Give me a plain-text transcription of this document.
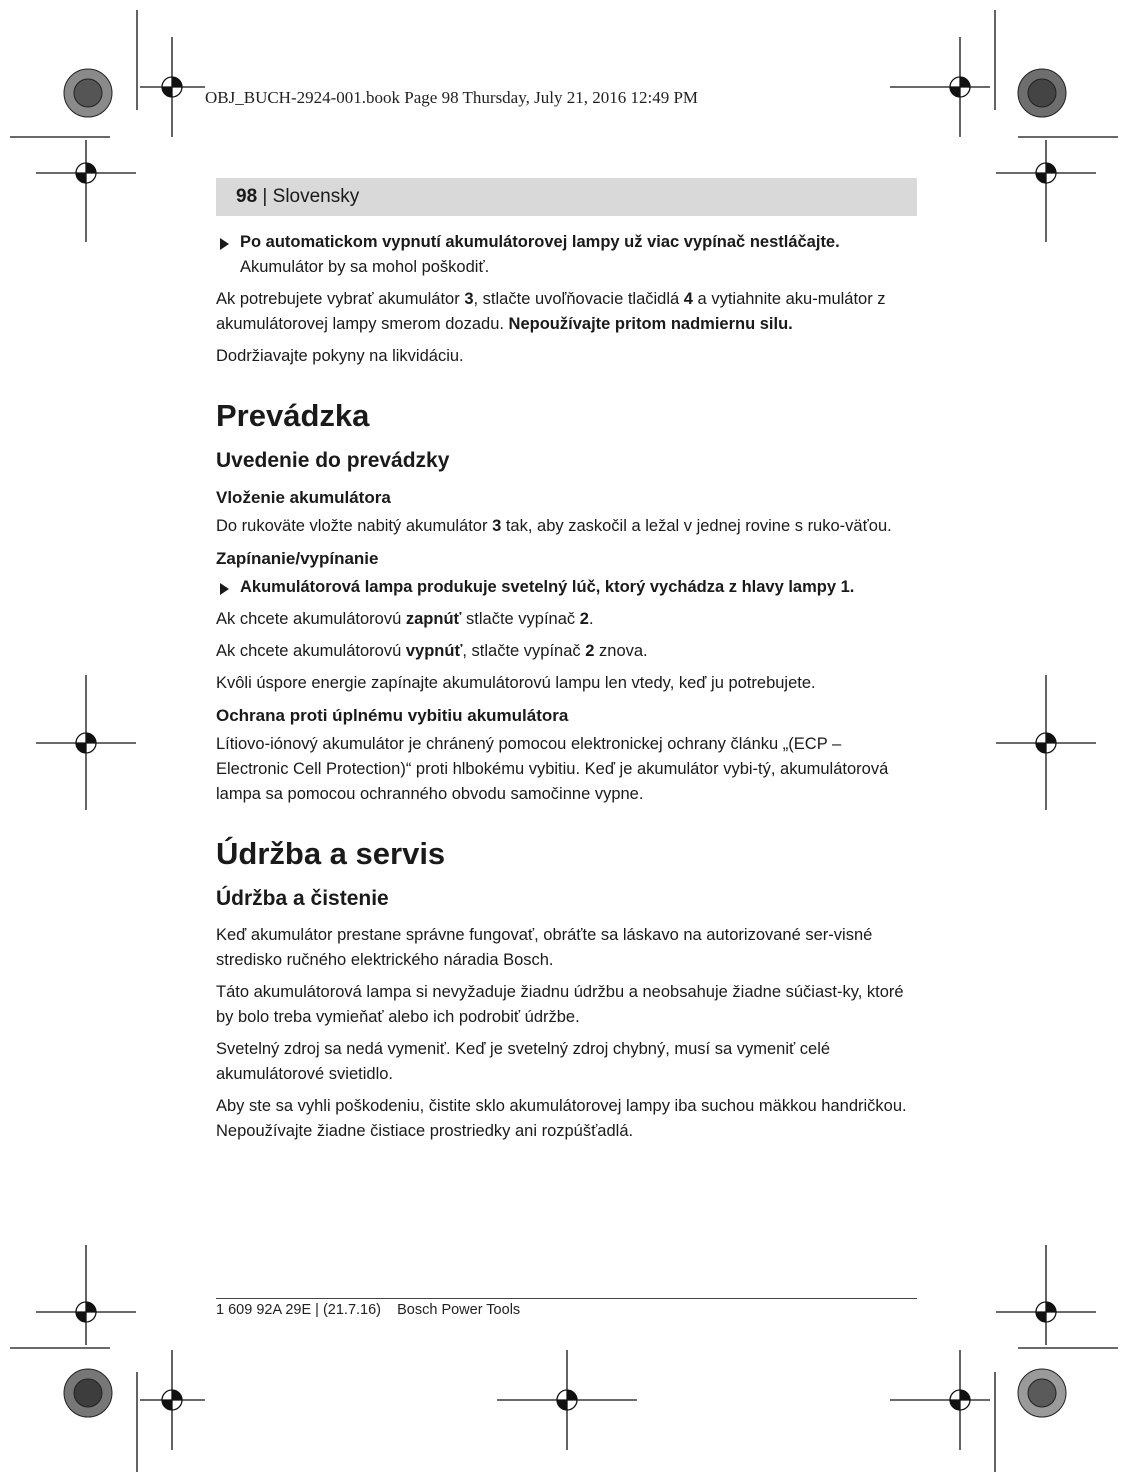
OBJ_BUCH-2924-001.book Page 98 Thursday, July 21, 2016 12:49 PM
98 | Slovensky
Po automatickom vypnutí akumulátorovej lampy už viac vypínač nestláčajte.
Akumulátor by sa mohol poškodiť.

Ak potrebujete vybrať akumulátor 3, stlačte uvoľňovacie tlačidlá 4 a vytiahnite aku-mulátor z akumulátorovej lampy smerom dozadu. Nepoužívajte pritom nadmiernu silu.

Dodržiavajte pokyny na likvidáciu.

Prevádzka
Uvedenie do prevádzky
Vloženie akumulátora

Do rukoväte vložte nabitý akumulátor 3 tak, aby zaskočil a ležal v jednej rovine s ruko-väťou.

Zapínanie/vypínanie
Akumulátorová lampa produkuje svetelný lúč, ktorý vychádza z hlavy lampy 1.

Ak chcete akumulátorovú zapnúť stlačte vypínač 2.

Ak chcete akumulátorovú vypnúť, stlačte vypínač 2 znova.

Kvôli úspore energie zapínajte akumulátorovú lampu len vtedy, keď ju potrebujete.

Ochrana proti úplnému vybitiu akumulátora

Lítiovo-iónový akumulátor je chránený pomocou elektronickej ochrany článku „(ECP – Electronic Cell Protection)“ proti hlbokému vybitiu. Keď je akumulátor vybi-tý, akumulátorová lampa sa pomocou ochranného obvodu samočinne vypne.

Údržba a servis
Údržba a čistenie

Keď akumulátor prestane správne fungovať, obráťte sa láskavo na autorizované ser-visné stredisko ručného elektrického náradia Bosch.

Táto akumulátorová lampa si nevyžaduje žiadnu údržbu a neobsahuje žiadne súčiast-ky, ktoré by bolo treba vymieňať alebo ich podrobiť údržbe.

Svetelný zdroj sa nedá vymeniť. Keď je svetelný zdroj chybný, musí sa vymeniť celé akumulátorové svietidlo.

Aby ste sa vyhli poškodeniu, čistite sklo akumulátorovej lampy iba suchou mäkkou handričkou. Nepoužívajte žiadne čistiace prostriedky ani rozpúšťadlá.

1 609 92A 29E | (21.7.16)    Bosch Power Tools
